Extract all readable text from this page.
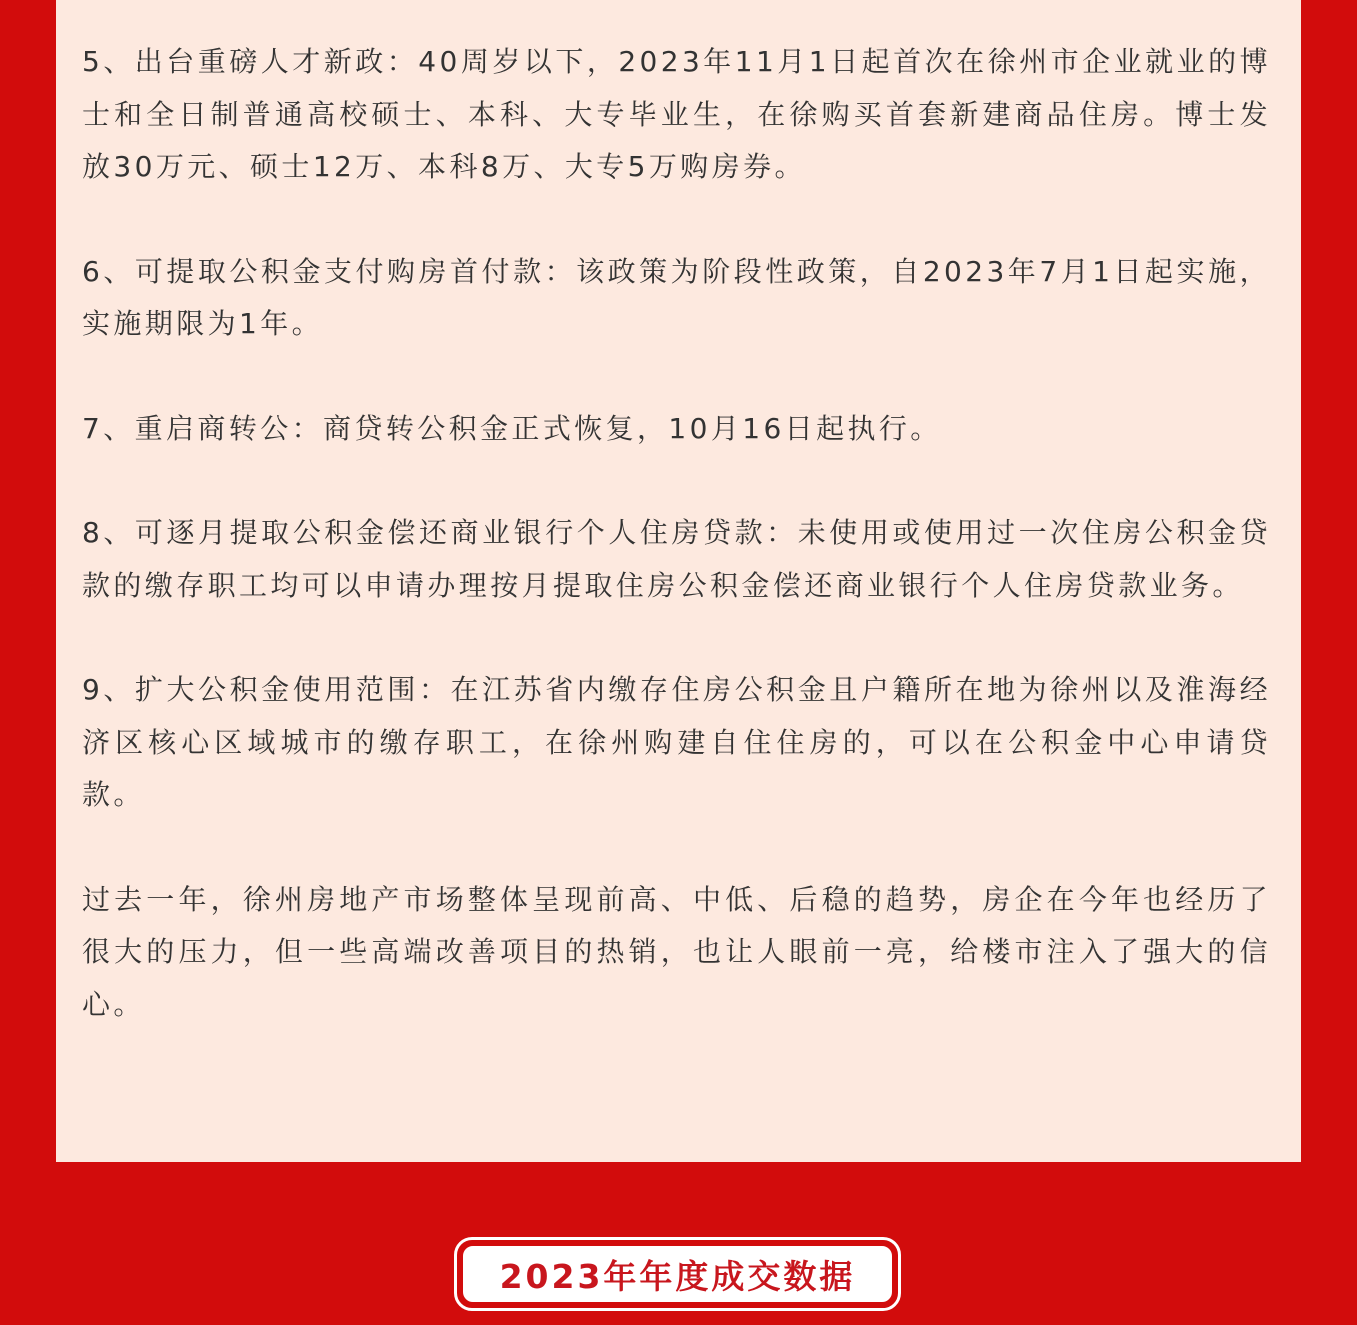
5、出台重磅人才新政：40周岁以下，2023年11月1日起首次在徐州市企业就业的博士和全日制普通高校硕士、本科、大专毕业生，在徐购买首套新建商品住房。博士发放30万元、硕士12万、本科8万、大专5万购房券。

6、可提取公积金支付购房首付款：该政策为阶段性政策，自2023年7月1日起实施，实施期限为1年。

7、重启商转公：商贷转公积金正式恢复，10月16日起执行。

8、可逐月提取公积金偿还商业银行个人住房贷款：未使用或使用过一次住房公积金贷款的缴存职工均可以申请办理按月提取住房公积金偿还商业银行个人住房贷款业务。

9、扩大公积金使用范围：在江苏省内缴存住房公积金且户籍所在地为徐州以及淮海经济区核心区域城市的缴存职工，在徐州购建自住住房的，可以在公积金中心申请贷款。

过去一年，徐州房地产市场整体呈现前高、中低、后稳的趋势，房企在今年也经历了很大的压力，但一些高端改善项目的热销，也让人眼前一亮，给楼市注入了强大的信心。

2023年年度成交数据
